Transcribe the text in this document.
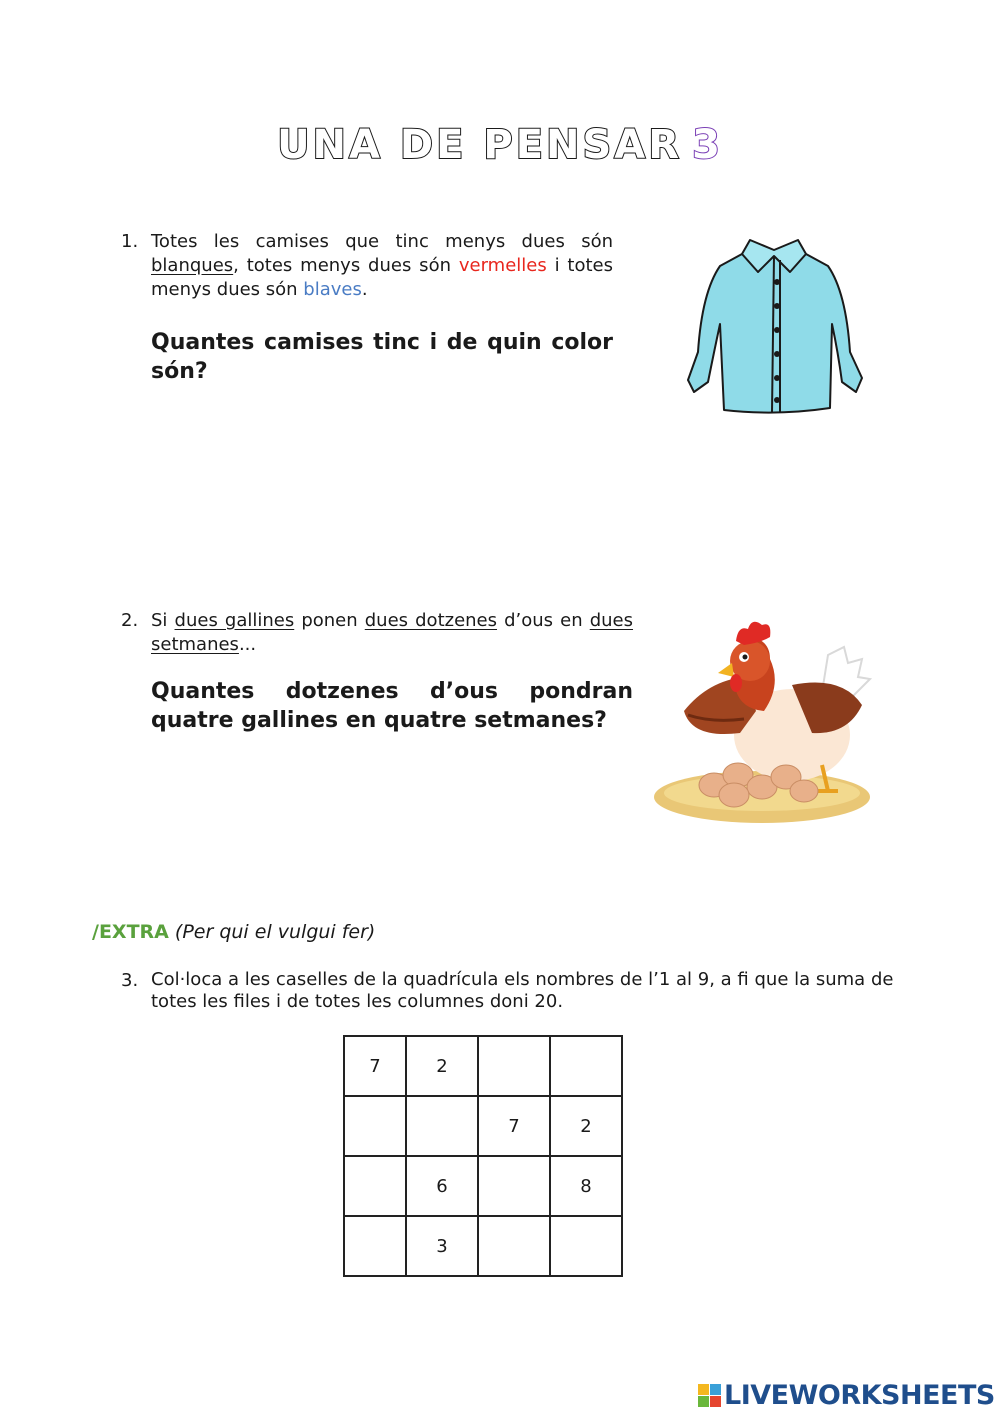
UNA DE PENSAR 3
1. Totes les camises que tinc menys dues són blanques, totes menys dues són vermelles i totes menys dues són blaves.
Quantes camises tinc i de quin color són?
2. Si dues gallines ponen dues dotzenes d’ous en dues setmanes...
Quantes dotzenes d’ous pondran quatre gallines en quatre setmanes?
/EXTRA (Per qui el vulgui fer)
3. Col·loca a les caselles de la quadrícula els nombres de l’1 al 9, a fi que la suma de totes les files i de totes les columnes doni 20.
7	2		
		7	2
	6		8
	3		
LIVEWORKSHEETS
